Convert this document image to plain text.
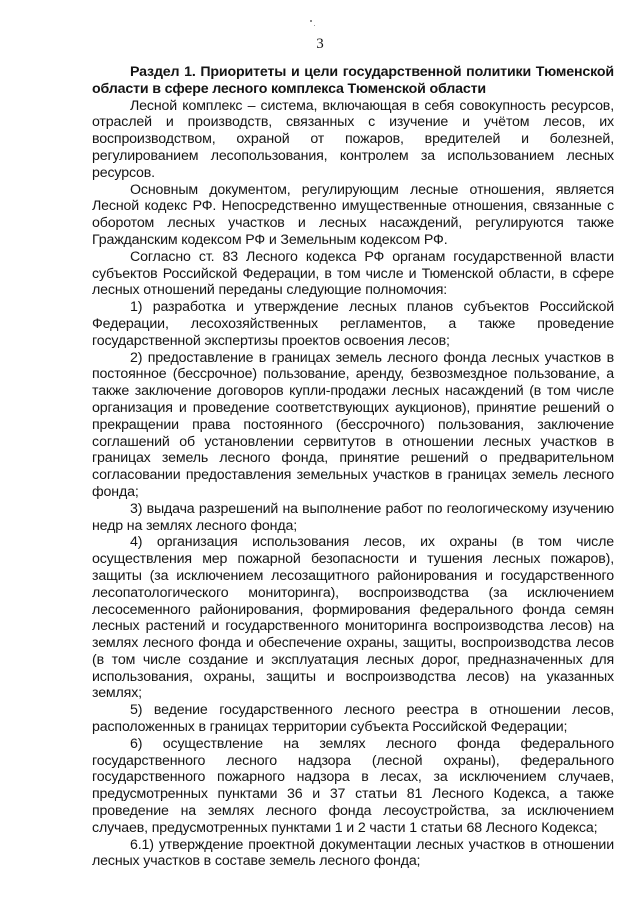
3

Раздел 1. Приоритеты и цели государственной политики Тюменской области в сфере лесного комплекса Тюменской области

Лесной комплекс – система, включающая в себя совокупность ресурсов, отраслей и производств, связанных с изучение и учётом лесов, их воспроизводством, охраной от пожаров, вредителей и болезней, регулированием лесопользования, контролем за использованием лесных ресурсов.

Основным документом, регулирующим лесные отношения, является Лесной кодекс РФ. Непосредственно имущественные отношения, связанные с оборотом лесных участков и лесных насаждений, регулируются также Гражданским кодексом РФ и Земельным кодексом РФ.

Согласно ст. 83 Лесного кодекса РФ органам государственной власти субъектов Российской Федерации, в том числе и Тюменской области, в сфере лесных отношений переданы следующие полномочия:

1) разработка и утверждение лесных планов субъектов Российской Федерации, лесохозяйственных регламентов, а также проведение государственной экспертизы проектов освоения лесов;

2) предоставление в границах земель лесного фонда лесных участков в постоянное (бессрочное) пользование, аренду, безвозмездное пользование, а также заключение договоров купли-продажи лесных насаждений (в том числе организация и проведение соответствующих аукционов), принятие решений о прекращении права постоянного (бессрочного) пользования, заключение соглашений об установлении сервитутов в отношении лесных участков в границах земель лесного фонда, принятие решений о предварительном согласовании предоставления земельных участков в границах земель лесного фонда;

3) выдача разрешений на выполнение работ по геологическому изучению недр на землях лесного фонда;

4) организация использования лесов, их охраны (в том числе осуществления мер пожарной безопасности и тушения лесных пожаров), защиты (за исключением лесозащитного районирования и государственного лесопатологического мониторинга), воспроизводства (за исключением лесосеменного районирования, формирования федерального фонда семян лесных растений и государственного мониторинга воспроизводства лесов) на землях лесного фонда и обеспечение охраны, защиты, воспроизводства лесов (в том числе создание и эксплуатация лесных дорог, предназначенных для использования, охраны, защиты и воспроизводства лесов) на указанных землях;

5) ведение государственного лесного реестра в отношении лесов, расположенных в границах территории субъекта Российской Федерации;

6) осуществление на землях лесного фонда федерального государственного лесного надзора (лесной охраны), федерального государственного пожарного надзора в лесах, за исключением случаев, предусмотренных пунктами 36 и 37 статьи 81 Лесного Кодекса, а также проведение на землях лесного фонда лесоустройства, за исключением случаев, предусмотренных пунктами 1 и 2 части 1 статьи 68 Лесного Кодекса;

6.1) утверждение проектной документации лесных участков в отношении лесных участков в составе земель лесного фонда;
